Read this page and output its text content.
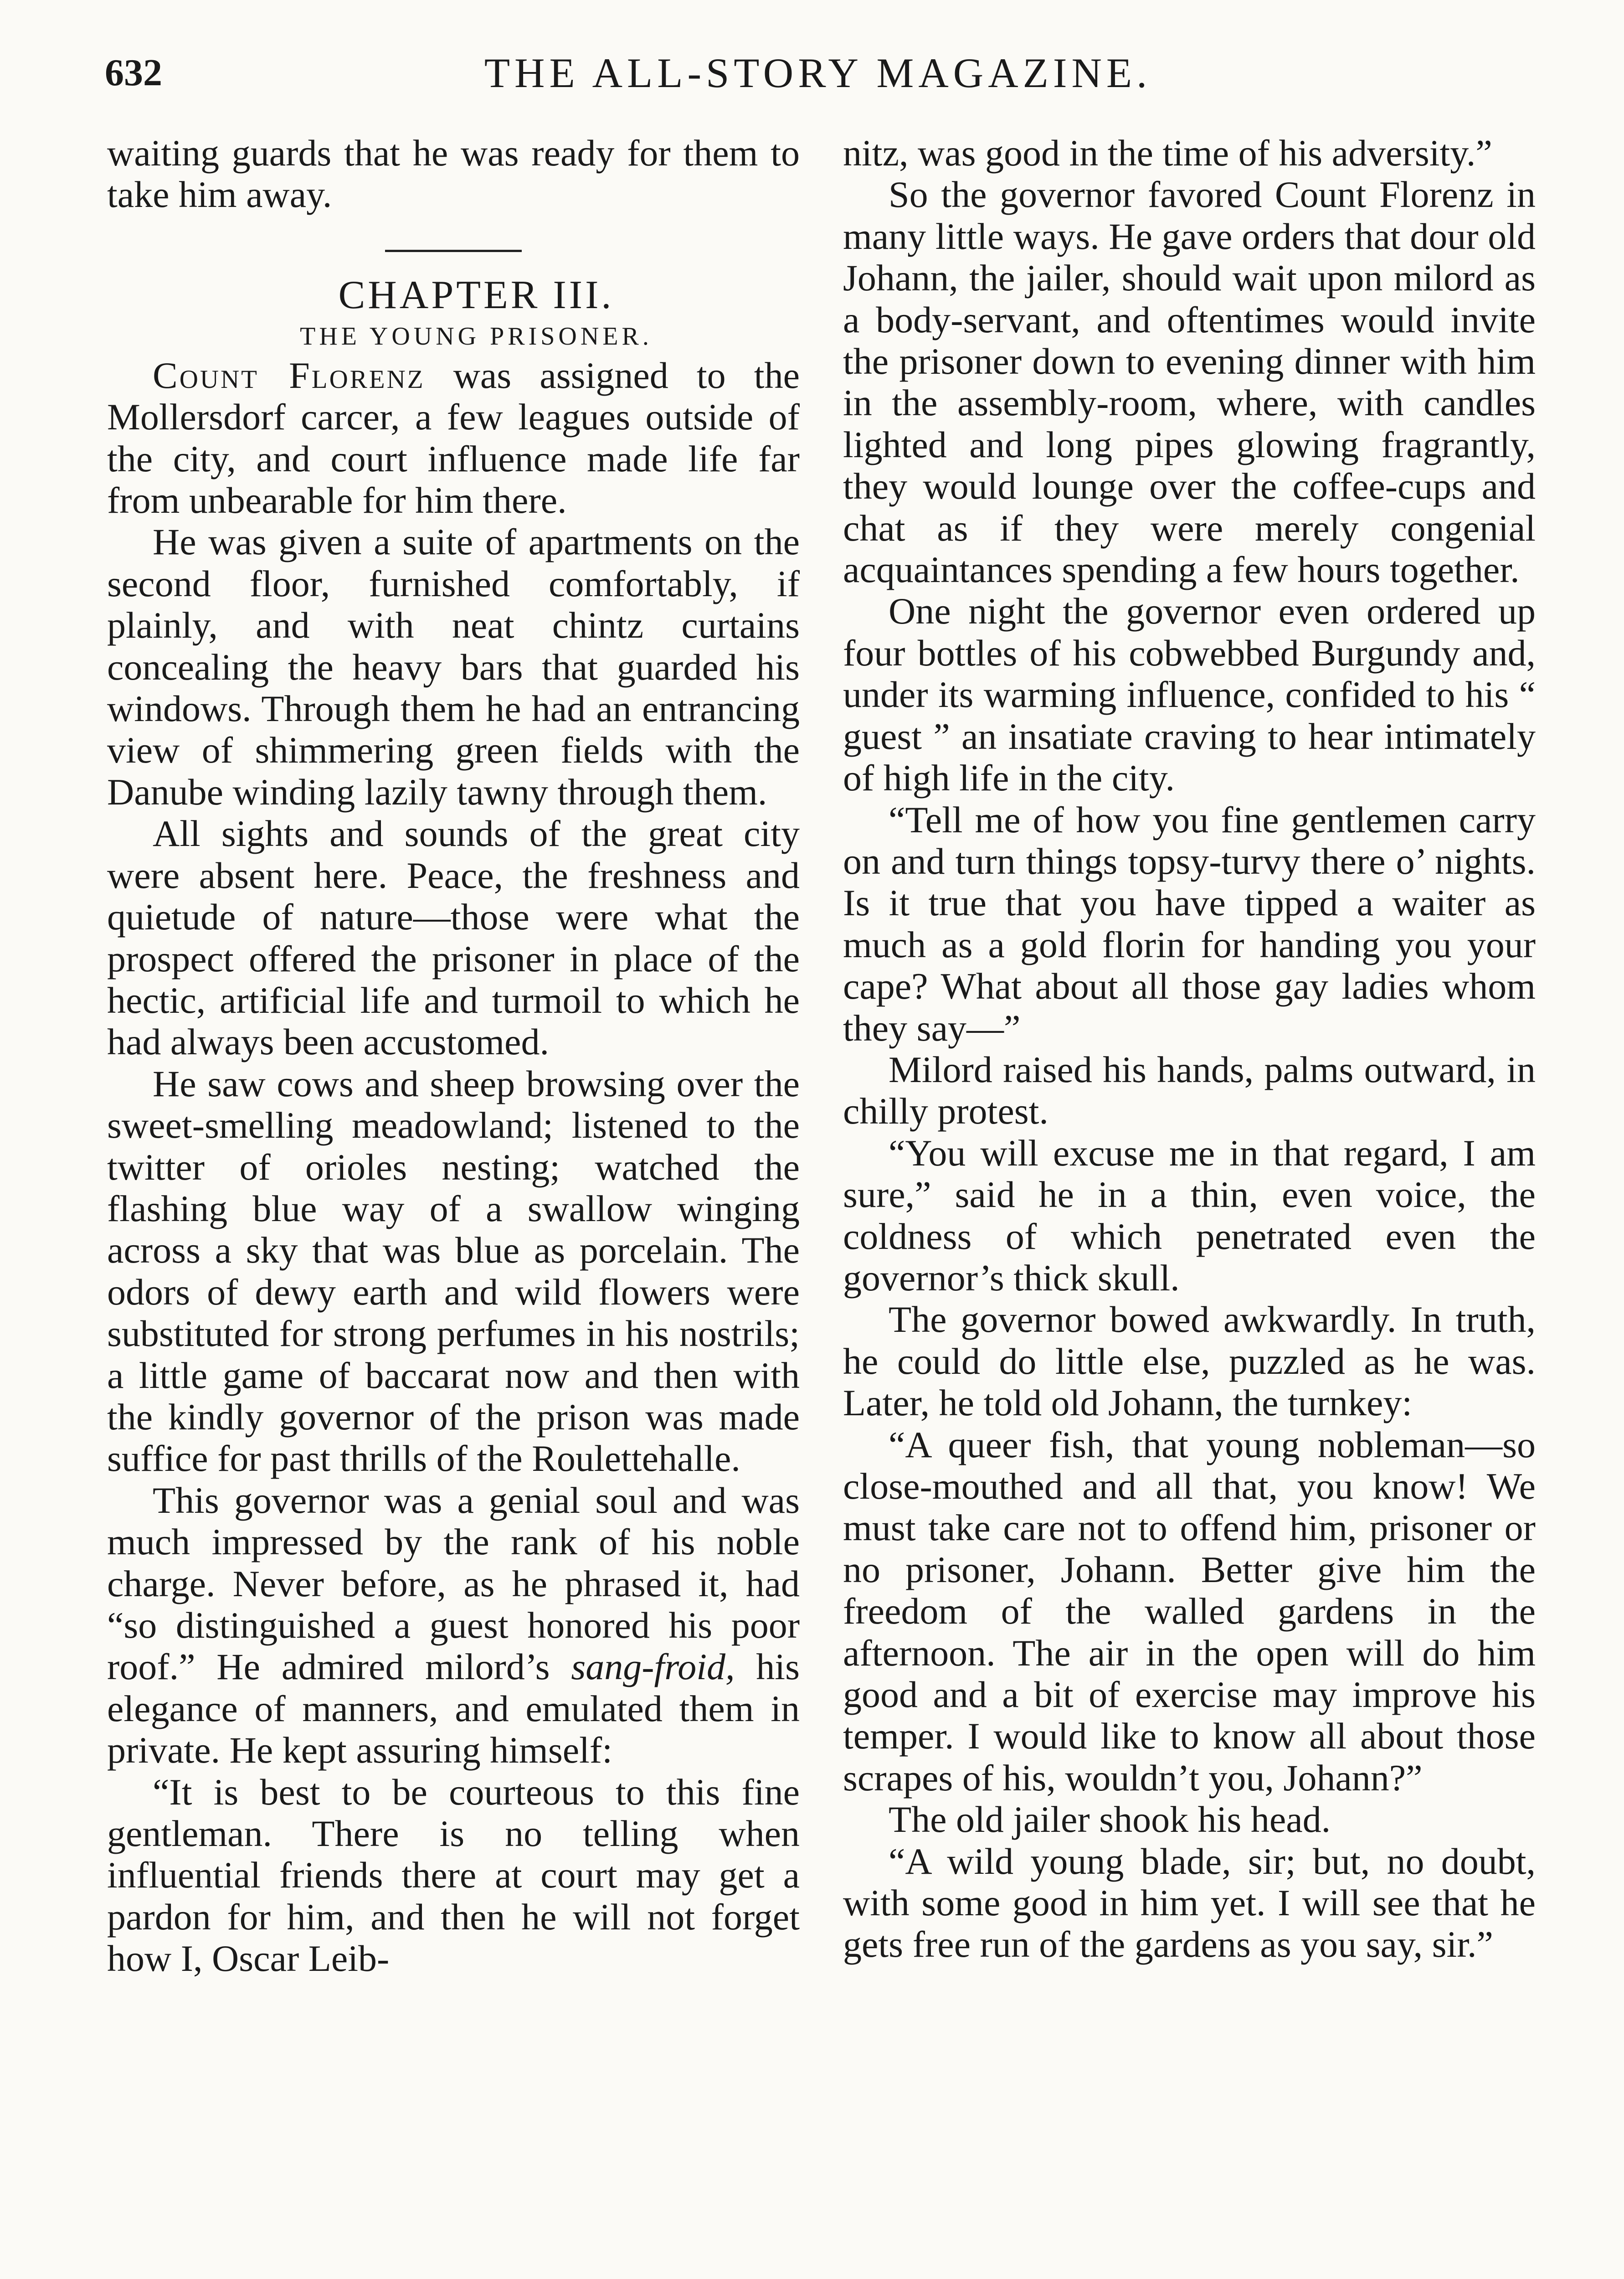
632	THE ALL-STORY MAGAZINE.

waiting guards that he was ready for them to take him away.

CHAPTER III.

THE YOUNG PRISONER.

Count Florenz was assigned to the Mollersdorf carcer, a few leagues outside of the city, and court influence made life far from unbearable for him there.

He was given a suite of apartments on the second floor, furnished comfortably, if plainly, and with neat chintz curtains concealing the heavy bars that guarded his windows. Through them he had an entrancing view of shimmering green fields with the Danube winding lazily tawny through them.

All sights and sounds of the great city were absent here. Peace, the freshness and quietude of nature—those were what the prospect offered the prisoner in place of the hectic, artificial life and turmoil to which he had always been accustomed.

He saw cows and sheep browsing over the sweet-smelling meadowland; listened to the twitter of orioles nesting; watched the flashing blue way of a swallow winging across a sky that was blue as porcelain. The odors of dewy earth and wild flowers were substituted for strong perfumes in his nostrils; a little game of baccarat now and then with the kindly governor of the prison was made suffice for past thrills of the Roulettehalle.

This governor was a genial soul and was much impressed by the rank of his noble charge. Never before, as he phrased it, had “so distinguished a guest honored his poor roof.” He admired milord’s sang-froid, his elegance of manners, and emulated them in private. He kept assuring himself:

“It is best to be courteous to this fine gentleman. There is no telling when influential friends there at court may get a pardon for him, and then he will not forget how I, Oscar Leib-

nitz, was good in the time of his adversity.”

So the governor favored Count Florenz in many little ways. He gave orders that dour old Johann, the jailer, should wait upon milord as a body-servant, and oftentimes would invite the prisoner down to evening dinner with him in the assembly-room, where, with candles lighted and long pipes glowing fragrantly, they would lounge over the coffee-cups and chat as if they were merely congenial acquaintances spending a few hours together.

One night the governor even ordered up four bottles of his cobwebbed Burgundy and, under its warming influence, confided to his “ guest ” an insatiate craving to hear intimately of high life in the city.

“Tell me of how you fine gentlemen carry on and turn things topsy-turvy there o’ nights. Is it true that you have tipped a waiter as much as a gold florin for handing you your cape? What about all those gay ladies whom they say—”

Milord raised his hands, palms outward, in chilly protest.

“You will excuse me in that regard, I am sure,” said he in a thin, even voice, the coldness of which penetrated even the governor’s thick skull.

The governor bowed awkwardly. In truth, he could do little else, puzzled as he was. Later, he told old Johann, the turnkey:

“A queer fish, that young nobleman—so close-mouthed and all that, you know! We must take care not to offend him, prisoner or no prisoner, Johann. Better give him the freedom of the walled gardens in the afternoon. The air in the open will do him good and a bit of exercise may improve his temper. I would like to know all about those scrapes of his, wouldn’t you, Johann?”

The old jailer shook his head.

“A wild young blade, sir; but, no doubt, with some good in him yet. I will see that he gets free run of the gardens as you say, sir.”
